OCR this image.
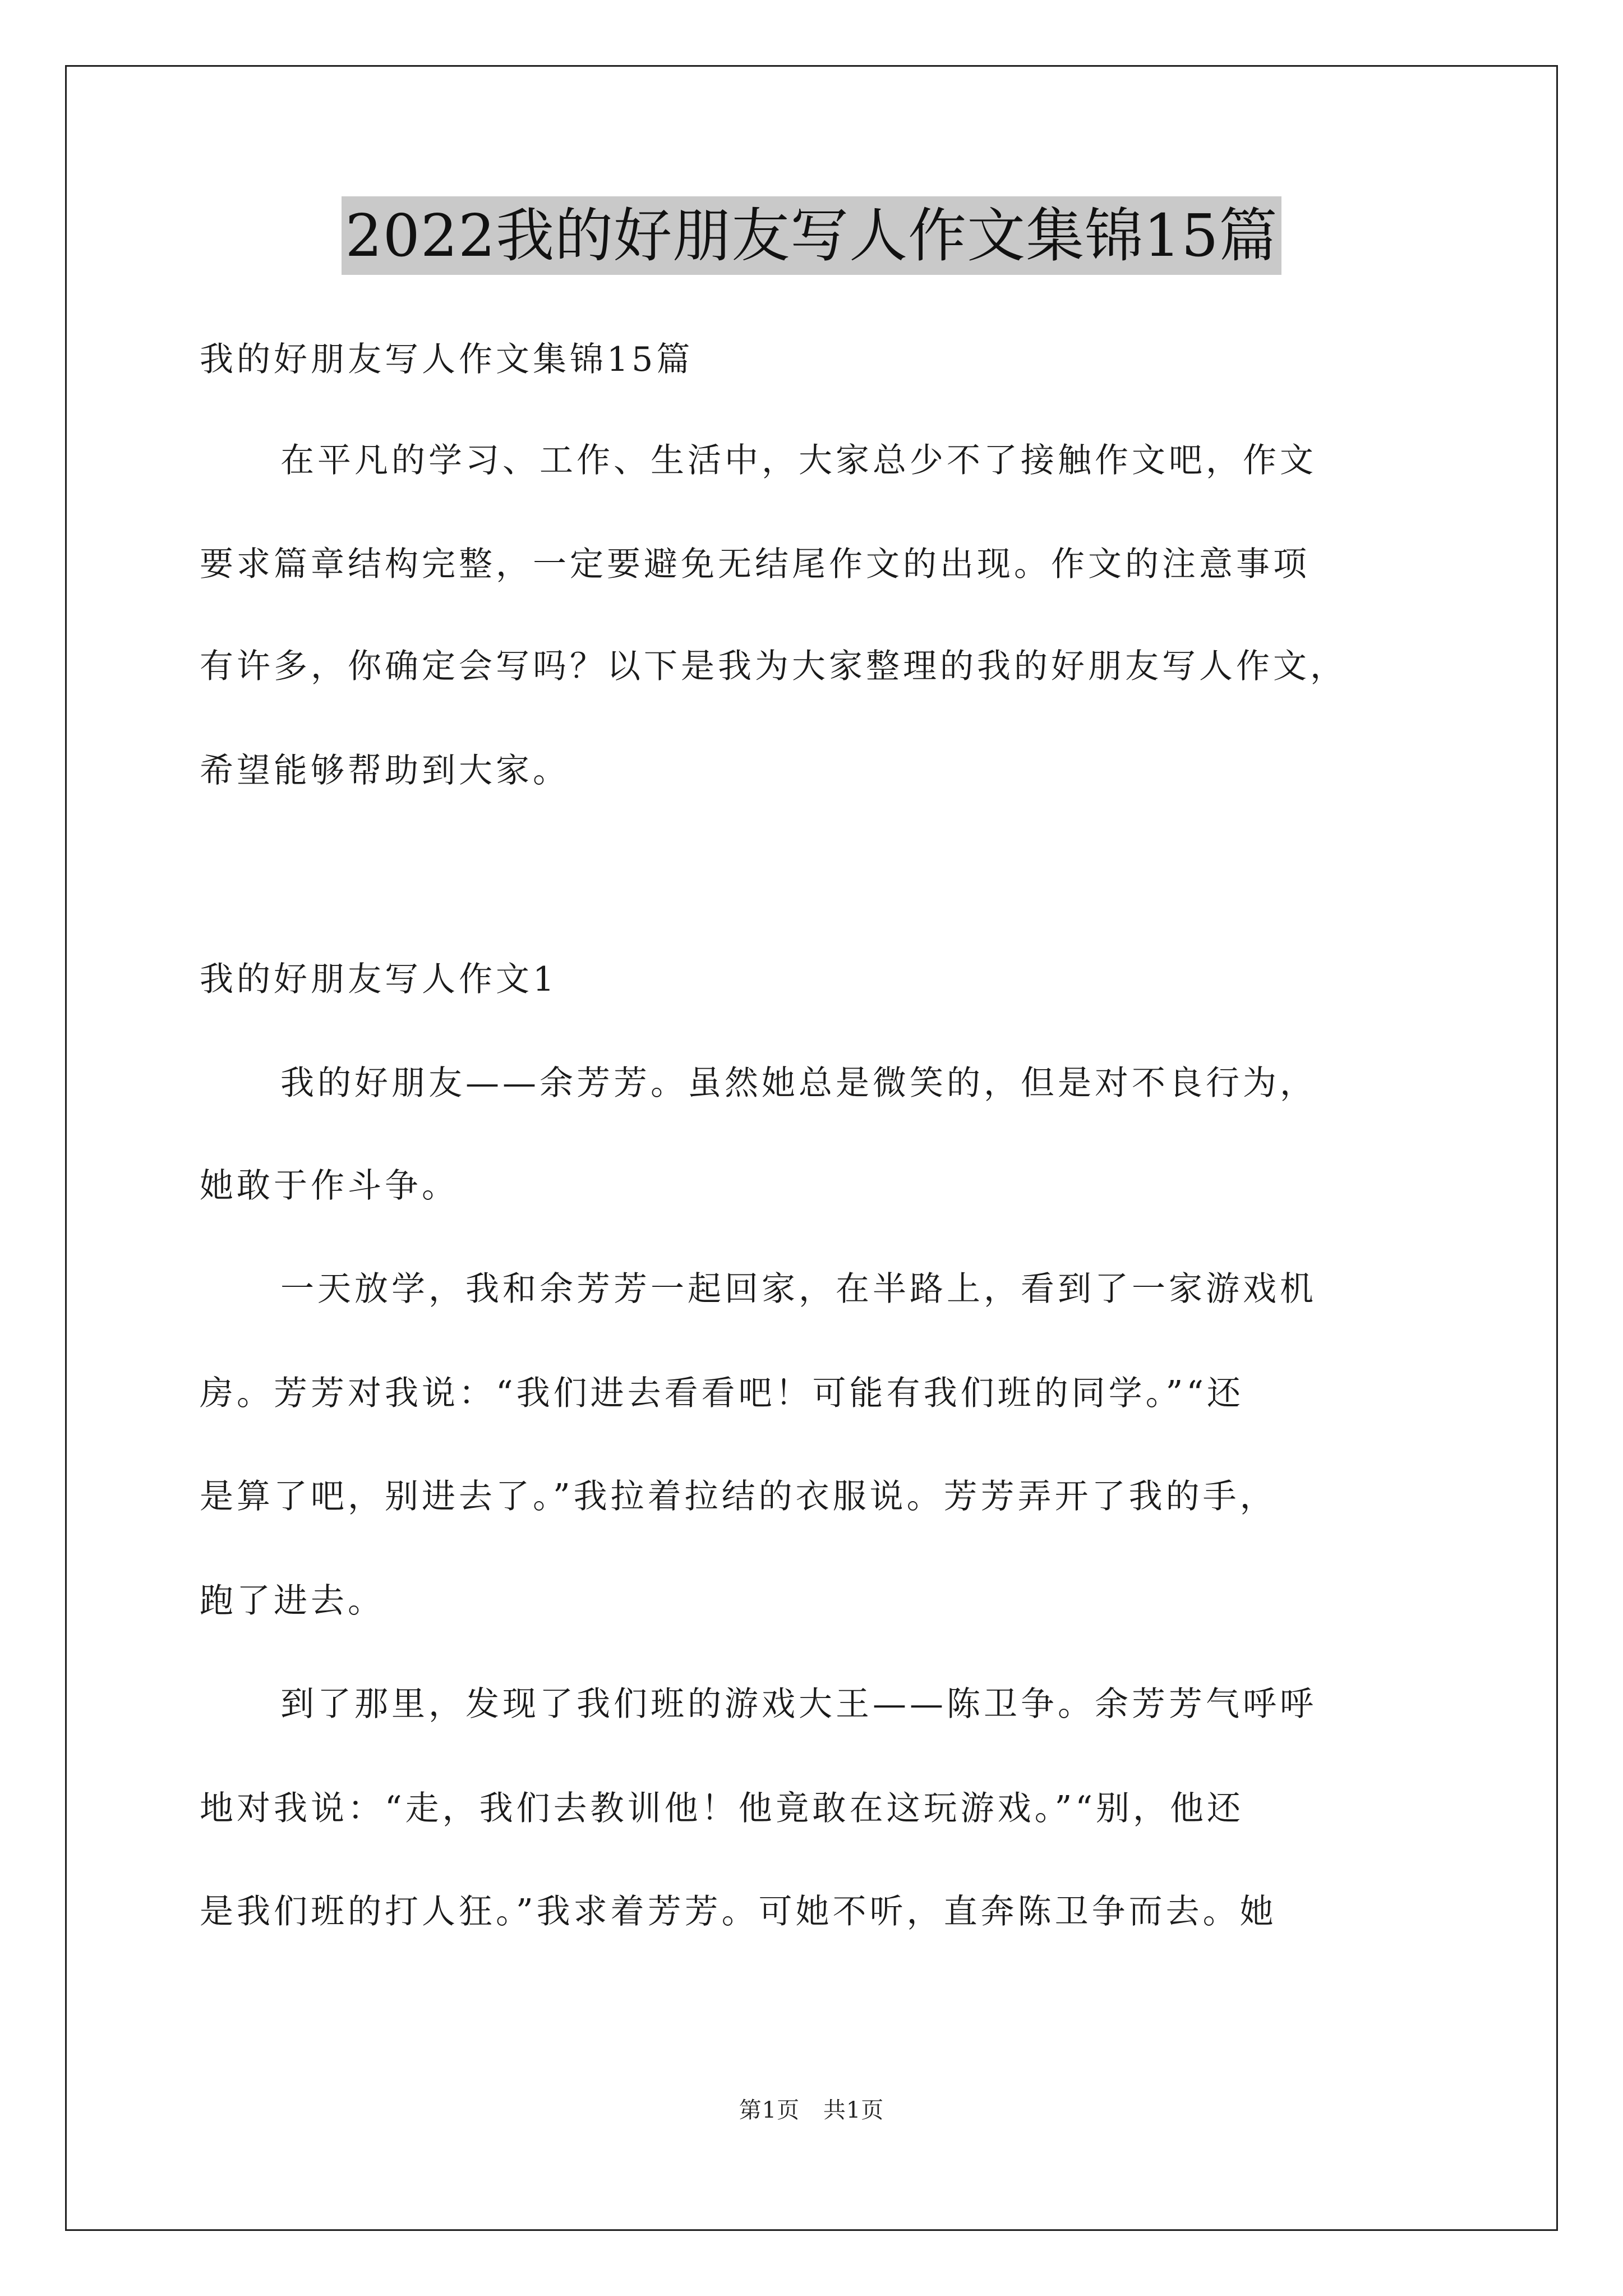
2022我的好朋友写人作文集锦15篇
我的好朋友写人作文集锦15篇
在平凡的学习、工作、生活中，大家总少不了接触作文吧，作文
要求篇章结构完整，一定要避免无结尾作文的出现。作文的注意事项
有许多，你确定会写吗？以下是我为大家整理的我的好朋友写人作文，
希望能够帮助到大家。
我的好朋友写人作文1
我的好朋友——余芳芳。虽然她总是微笑的，但是对不良行为，
她敢于作斗争。
一天放学，我和余芳芳一起回家，在半路上，看到了一家游戏机
房。芳芳对我说：“我们进去看看吧！可能有我们班的同学。”“还
是算了吧，别进去了。”我拉着拉结的衣服说。芳芳弄开了我的手，
跑了进去。
到了那里，发现了我们班的游戏大王——陈卫争。余芳芳气呼呼
地对我说：“走，我们去教训他！他竟敢在这玩游戏。”“别，他还
是我们班的打人狂。”我求着芳芳。可她不听，直奔陈卫争而去。她
第1页 共1页
